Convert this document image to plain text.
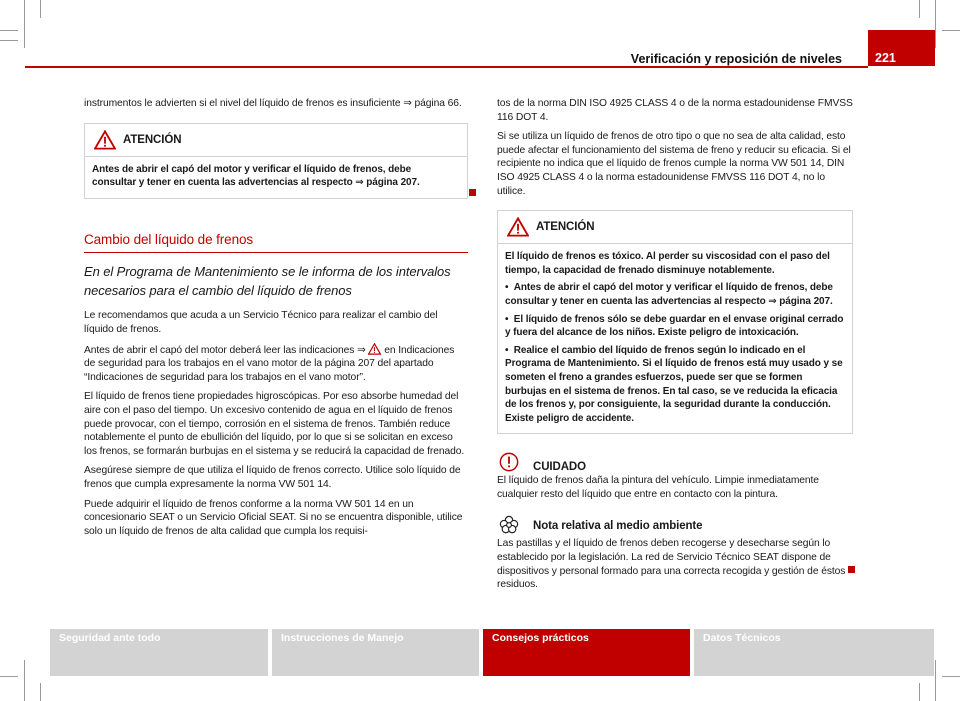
Verificación y reposición de niveles	221

instrumentos le advierten si el nivel del líquido de frenos es insuficiente ⇒ página 66.

ATENCIÓN
Antes de abrir el capó del motor y verificar el líquido de frenos, debe consultar y tener en cuenta las advertencias al respecto ⇒ página 207.
Cambio del líquido de frenos
En el Programa de Mantenimiento se le informa de los intervalos necesarios para el cambio del líquido de frenos

Le recomendamos que acuda a un Servicio Técnico para realizar el cambio del líquido de frenos.

Antes de abrir el capó del motor deberá leer las indicaciones ⇒  en Indicaciones de seguridad para los trabajos en el vano motor de la página 207 del apartado “Indicaciones de seguridad para los trabajos en el vano motor”.

El líquido de frenos tiene propiedades higroscópicas. Por eso absorbe humedad del aire con el paso del tiempo. Un excesivo contenido de agua en el líquido de frenos puede provocar, con el tiempo, corrosión en el sistema de frenos. También reduce notablemente el punto de ebullición del líquido, por lo que si se solicitan en exceso los frenos, se formarán burbujas en el sistema y se reducirá la capacidad de frenado.

Asegúrese siempre de que utiliza el líquido de frenos correcto. Utilice solo líquido de frenos que cumpla expresamente la norma VW 501 14.

Puede adquirir el líquido de frenos conforme a la norma VW 501 14 en un concesionario SEAT o un Servicio Oficial SEAT. Si no se encuentra disponible, utilice solo un líquido de frenos de alta calidad que cumpla los requisi-

tos de la norma DIN ISO 4925 CLASS 4 o de la norma estadounidense FMVSS 116 DOT 4.

Si se utiliza un líquido de frenos de otro tipo o que no sea de alta calidad, esto puede afectar el funcionamiento del sistema de freno y reducir su eficacia. Si el recipiente no indica que el líquido de frenos cumple la norma VW 501 14, DIN ISO 4925 CLASS 4 o la norma estadounidense FMVSS 116 DOT 4, no lo utilice.

ATENCIÓN
El líquido de frenos es tóxico. Al perder su viscosidad con el paso del tiempo, la capacidad de frenado disminuye notablemente.
•  Antes de abrir el capó del motor y verificar el líquido de frenos, debe consultar y tener en cuenta las advertencias al respecto ⇒ página 207.
•  El líquido de frenos sólo se debe guardar en el envase original cerrado y fuera del alcance de los niños. Existe peligro de intoxicación.
•  Realice el cambio del líquido de frenos según lo indicado en el Programa de Mantenimiento. Si el líquido de frenos está muy usado y se someten el freno a grandes esfuerzos, puede ser que se formen burbujas en el sistema de frenos. En tal caso, se ve reducida la eficacia de los frenos y, por consiguiente, la seguridad durante la conducción. Existe peligro de accidente.
CUIDADO

El líquido de frenos daña la pintura del vehículo. Limpie inmediatamente cualquier resto del líquido que entre en contacto con la pintura.

Nota relativa al medio ambiente

Las pastillas y el líquido de frenos deben recogerse y desecharse según lo establecido por la legislación. La red de Servicio Técnico SEAT dispone de dispositivos y personal formado para una correcta recogida y gestión de éstos residuos.

Seguridad ante todo	Instrucciones de Manejo	Consejos prácticos	Datos Técnicos
